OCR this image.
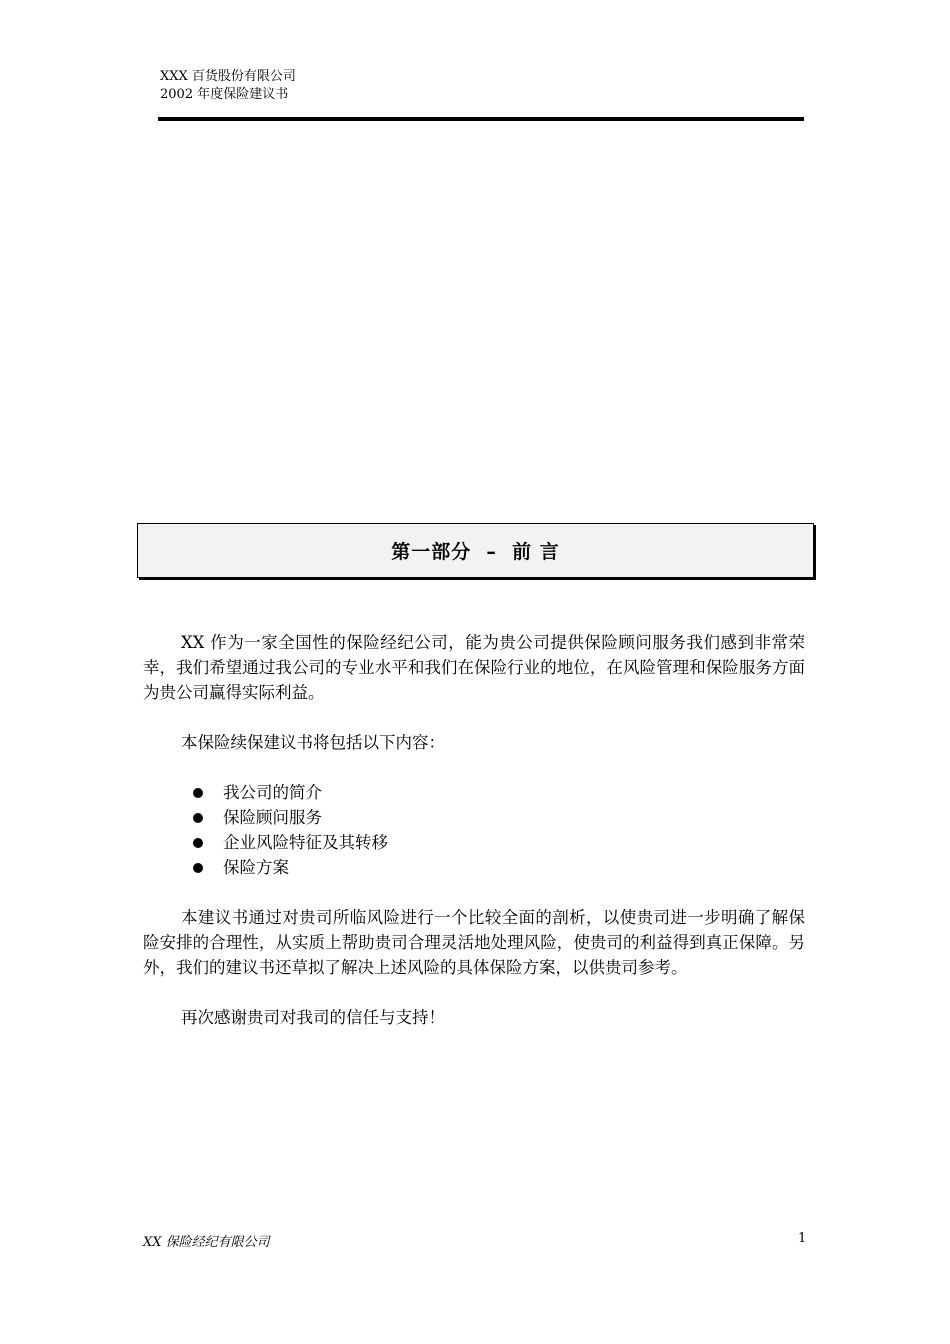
XXX 百货股份有限公司
2002 年度保险建议书
第一部分  –  前 言

XX 作为一家全国性的保险经纪公司，能为贵公司提供保险顾问服务我们感到非常荣幸，我们希望通过我公司的专业水平和我们在保险行业的地位，在风险管理和保险服务方面为贵公司赢得实际利益。

本保险续保建议书将包括以下内容：

我公司的简介
保险顾问服务
企业风险特征及其转移
保险方案

本建议书通过对贵司所临风险进行一个比较全面的剖析，以使贵司进一步明确了解保险安排的合理性，从实质上帮助贵司合理灵活地处理风险，使贵司的利益得到真正保障。另外，我们的建议书还草拟了解决上述风险的具体保险方案，以供贵司参考。

再次感谢贵司对我司的信任与支持！

XX 保险经纪有限公司	1
